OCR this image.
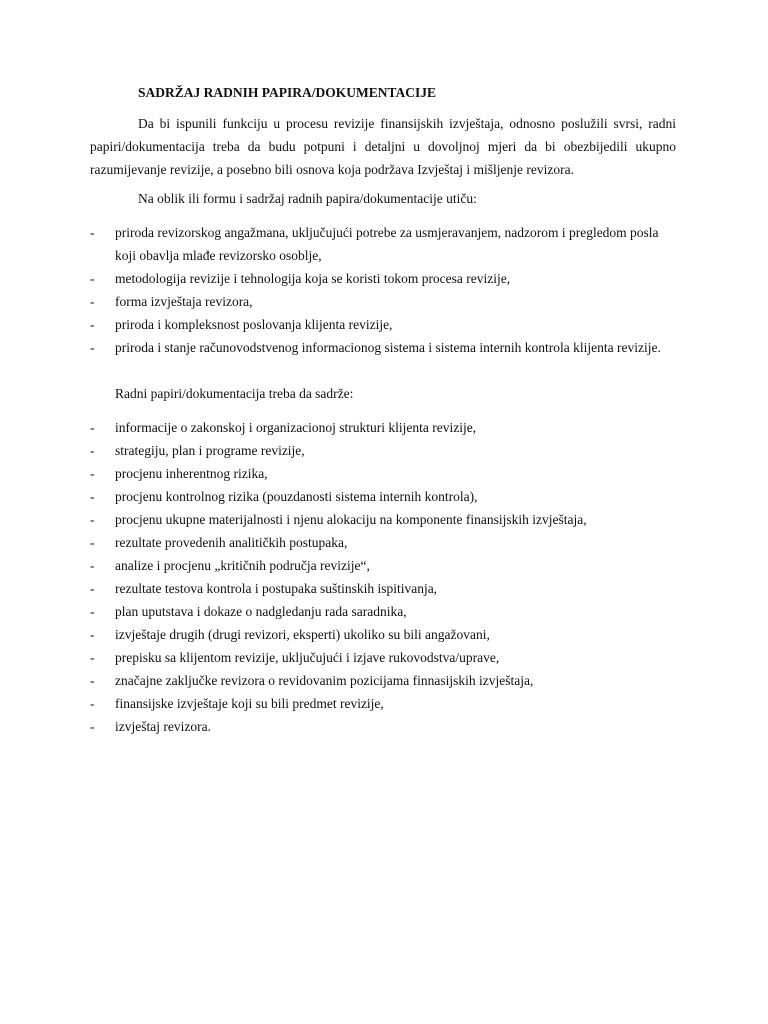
SADRŽAJ RADNIH PAPIRA/DOKUMENTACIJE

Da bi ispunili funkciju u procesu revizije finansijskih izvještaja, odnosno poslužili svrsi, radni papiri/dokumentacija treba da budu potpuni i detaljni u dovoljnoj mjeri da bi obezbijedili ukupno razumijevanje revizije, a posebno bili osnova koja podržava Izvještaj i mišljenje revizora.

Na oblik ili formu i sadržaj radnih papira/dokumentacije utiču:

- priroda revizorskog angažmana, uključujući potrebe za usmjeravanjem, nadzorom i pregledom posla koji obavlja mlađe revizorsko osoblje,
- metodologija revizije i tehnologija koja se koristi tokom procesa revizije,
- forma izvještaja revizora,
- priroda i kompleksnost poslovanja klijenta revizije,
- priroda i stanje računovodstvenog informacionog sistema i sistema internih kontrola klijenta revizije.

Radni papiri/dokumentacija treba da sadrže:

- informacije o zakonskoj i organizacionoj strukturi klijenta revizije,
- strategiju, plan i programe revizije,
- procjenu inherentnog rizika,
- procjenu kontrolnog rizika (pouzdanosti sistema internih kontrola),
- procjenu ukupne materijalnosti i njenu alokaciju na komponente finansijskih izvještaja,
- rezultate provedenih analitičkih postupaka,
- analize i procjenu „kritičnih područja revizije“,
- rezultate testova kontrola i postupaka suštinskih ispitivanja,
- plan uputstava i dokaze o nadgledanju rada saradnika,
- izvještaje drugih (drugi revizori, eksperti) ukoliko su bili angažovani,
- prepisku sa klijentom revizije, uključujući i izjave rukovodstva/uprave,
- značajne zaključke revizora o revidovanim pozicijama finnasijskih izvještaja,
- finansijske izvještaje koji su bili predmet revizije,
- izvještaj revizora.
